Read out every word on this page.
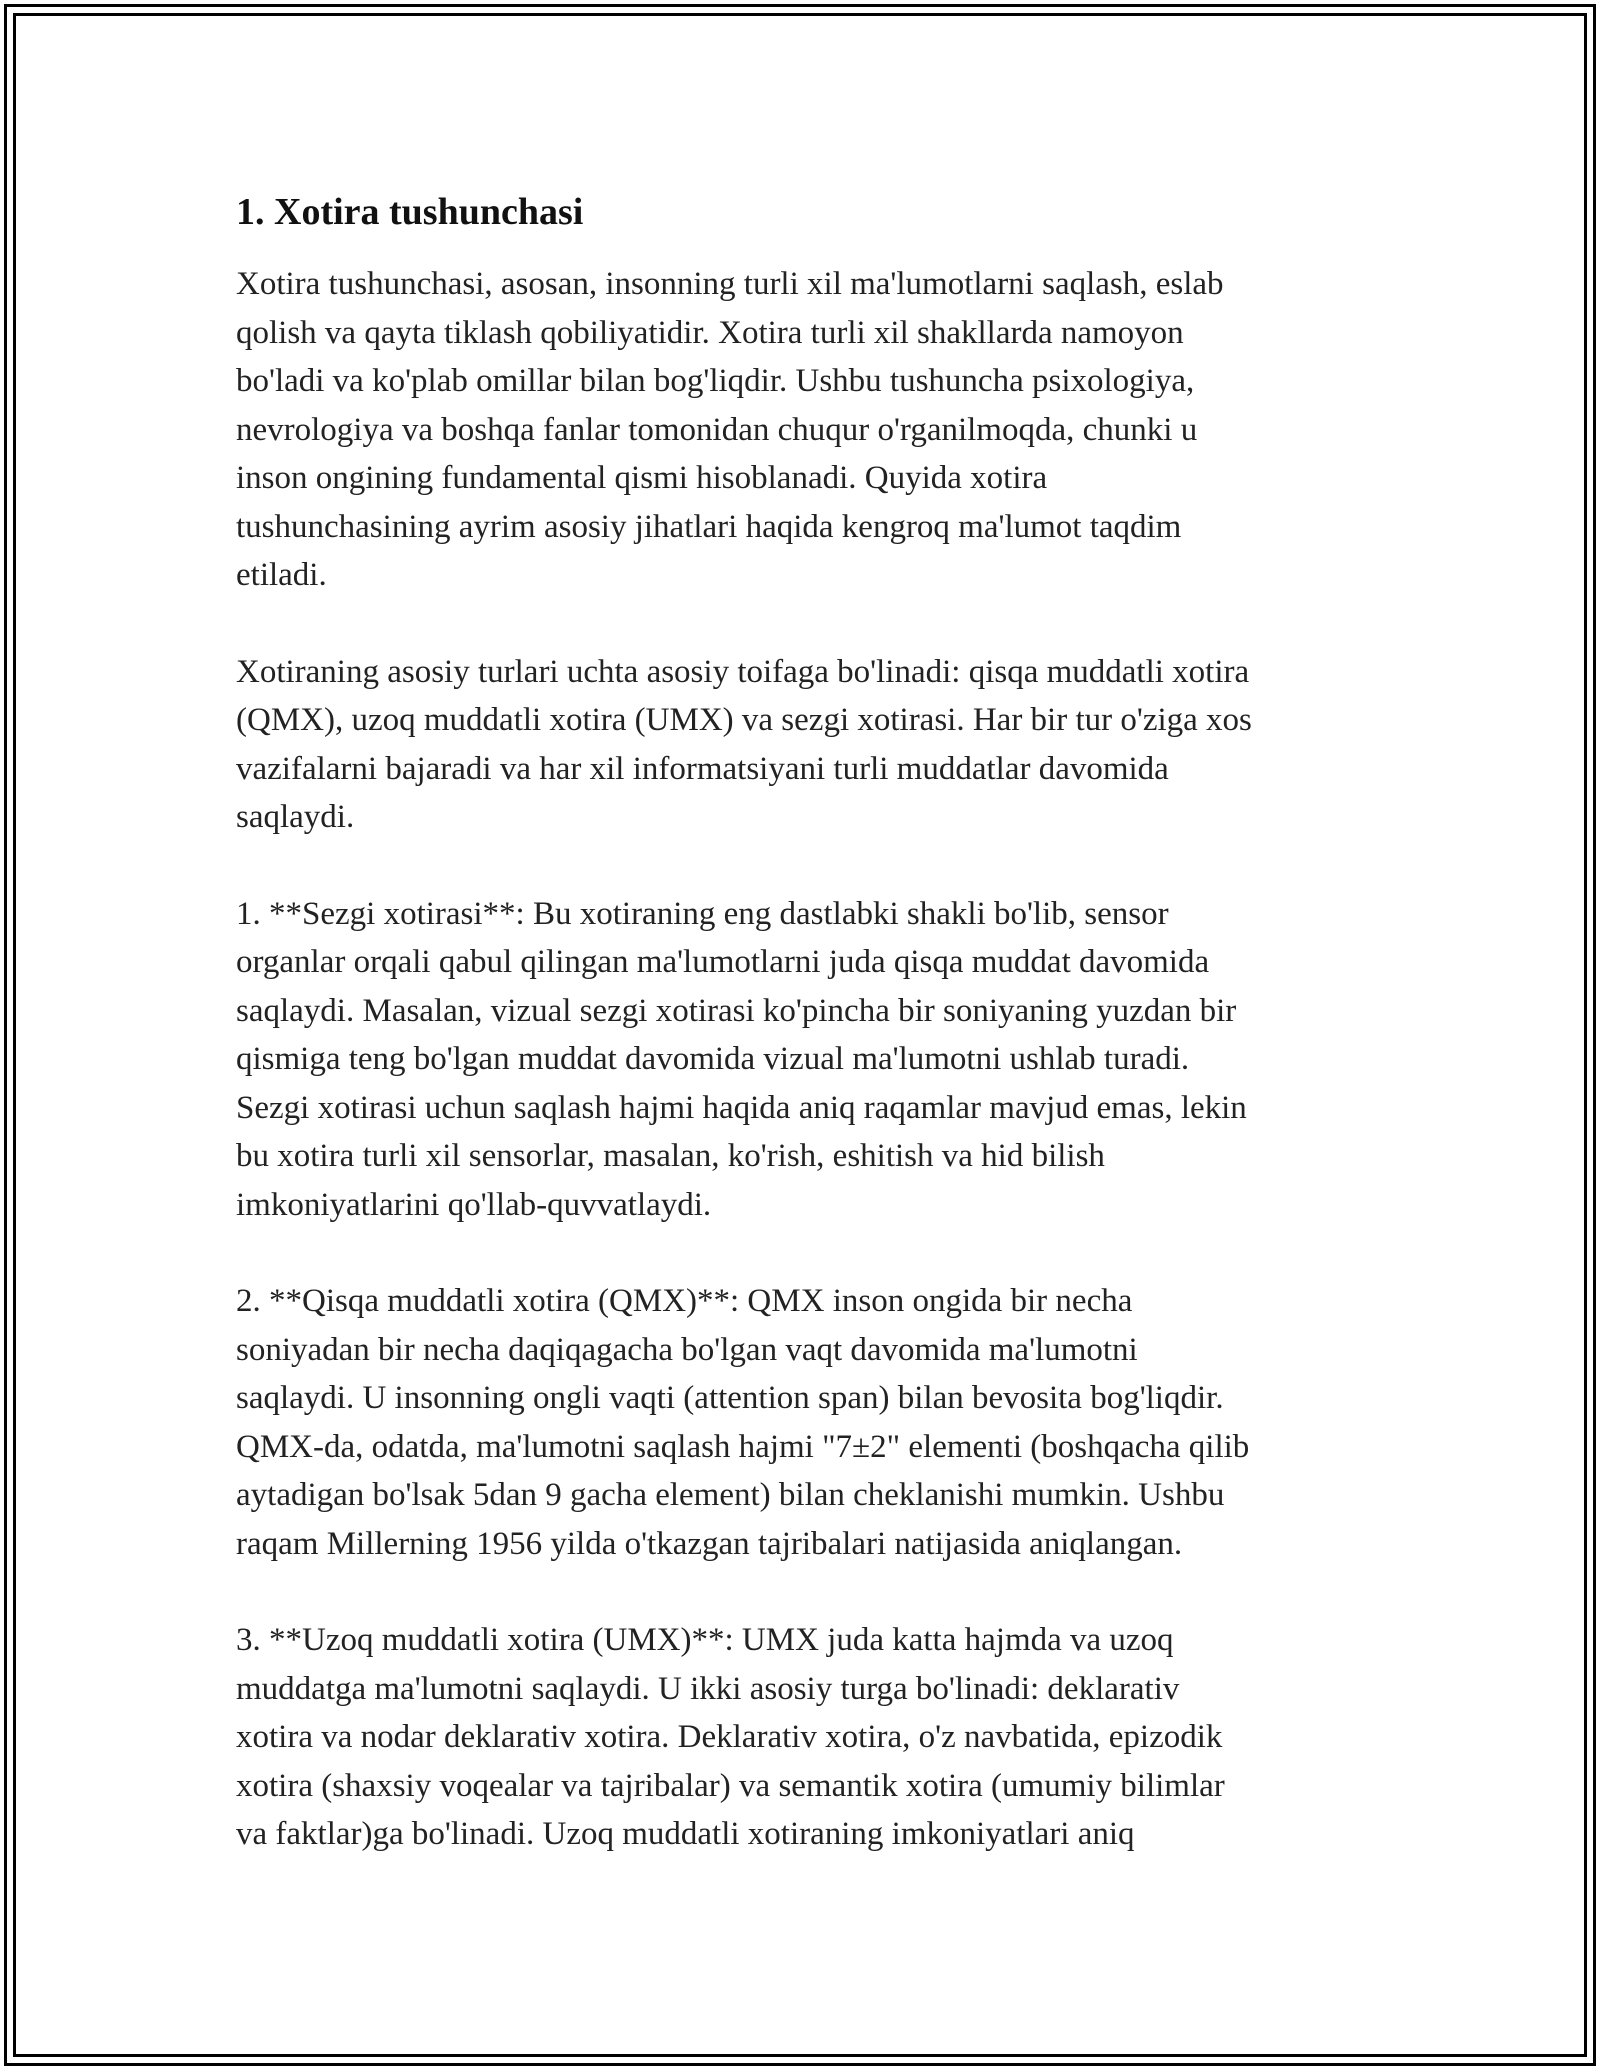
1. Xotira tushunchasi
Xotira tushunchasi, asosan, insonning turli xil ma'lumotlarni saqlash, eslab
qolish va qayta tiklash qobiliyatidir. Xotira turli xil shakllarda namoyon
bo'ladi va ko'plab omillar bilan bog'liqdir. Ushbu tushuncha psixologiya,
nevrologiya va boshqa fanlar tomonidan chuqur o'rganilmoqda, chunki u
inson ongining fundamental qismi hisoblanadi. Quyida xotira
tushunchasining ayrim asosiy jihatlari haqida kengroq ma'lumot taqdim
etiladi.
Xotiraning asosiy turlari uchta asosiy toifaga bo'linadi: qisqa muddatli xotira
(QMX), uzoq muddatli xotira (UMX) va sezgi xotirasi. Har bir tur o'ziga xos
vazifalarni bajaradi va har xil informatsiyani turli muddatlar davomida
saqlaydi.
1. **Sezgi xotirasi**: Bu xotiraning eng dastlabki shakli bo'lib, sensor
organlar orqali qabul qilingan ma'lumotlarni juda qisqa muddat davomida
saqlaydi. Masalan, vizual sezgi xotirasi ko'pincha bir soniyaning yuzdan bir
qismiga teng bo'lgan muddat davomida vizual ma'lumotni ushlab turadi.
Sezgi xotirasi uchun saqlash hajmi haqida aniq raqamlar mavjud emas, lekin
bu xotira turli xil sensorlar, masalan, ko'rish, eshitish va hid bilish
imkoniyatlarini qo'llab-quvvatlaydi.
2. **Qisqa muddatli xotira (QMX)**: QMX inson ongida bir necha
soniyadan bir necha daqiqagacha bo'lgan vaqt davomida ma'lumotni
saqlaydi. U insonning ongli vaqti (attention span) bilan bevosita bog'liqdir.
QMX-da, odatda, ma'lumotni saqlash hajmi "7±2" elementi (boshqacha qilib
aytadigan bo'lsak 5dan 9 gacha element) bilan cheklanishi mumkin. Ushbu
raqam Millerning 1956 yilda o'tkazgan tajribalari natijasida aniqlangan.
3. **Uzoq muddatli xotira (UMX)**: UMX juda katta hajmda va uzoq
muddatga ma'lumotni saqlaydi. U ikki asosiy turga bo'linadi: deklarativ
xotira va nodar deklarativ xotira. Deklarativ xotira, o'z navbatida, epizodik
xotira (shaxsiy voqealar va tajribalar) va semantik xotira (umumiy bilimlar
va faktlar)ga bo'linadi. Uzoq muddatli xotiraning imkoniyatlari aniq
